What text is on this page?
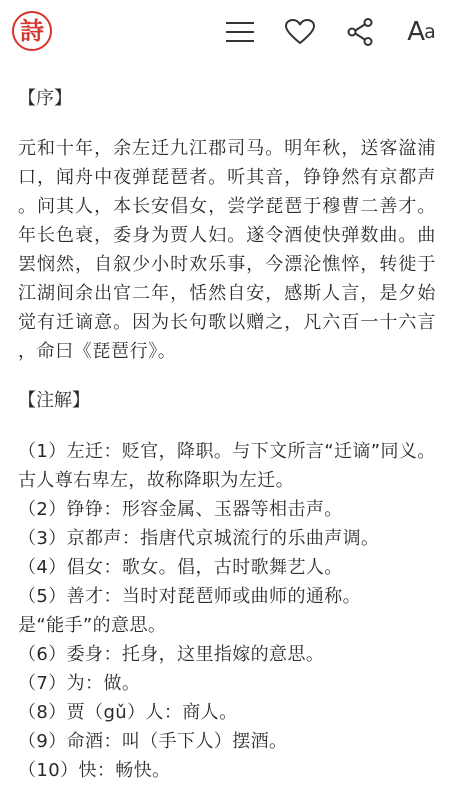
詩	A a
【序】

元和十年，余左迁九江郡司马。明年秋，送客湓浦口，闻舟中夜弹琵琶者。听其音，铮铮然有京都声。问其人，本长安倡女，尝学琵琶于穆曹二善才。年长色衰，委身为贾人妇。遂令酒使快弹数曲。曲罢悯然，自叙少小时欢乐事，今漂沦憔悴，转徙于江湖间余出官二年，恬然自安，感斯人言，是夕始觉有迁谪意。因为长句歌以赠之，凡六百一十六言，命曰《琵琶行》。

【注解】
（1）左迁：贬官，降职。与下文所言“迁谪”同义。古人尊右卑左，故称降职为左迁。
（2）铮铮：形容金属、玉器等相击声。
（3）京都声：指唐代京城流行的乐曲声调。
（4）倡女：歌女。倡，古时歌舞艺人。
（5）善才：当时对琵琶师或曲师的通称。
是“能手”的意思。
（6）委身：托身，这里指嫁的意思。
（7）为：做。
（8）贾（gǔ）人：商人。
（9）命酒：叫（手下人）摆酒。
（10）快：畅快。
